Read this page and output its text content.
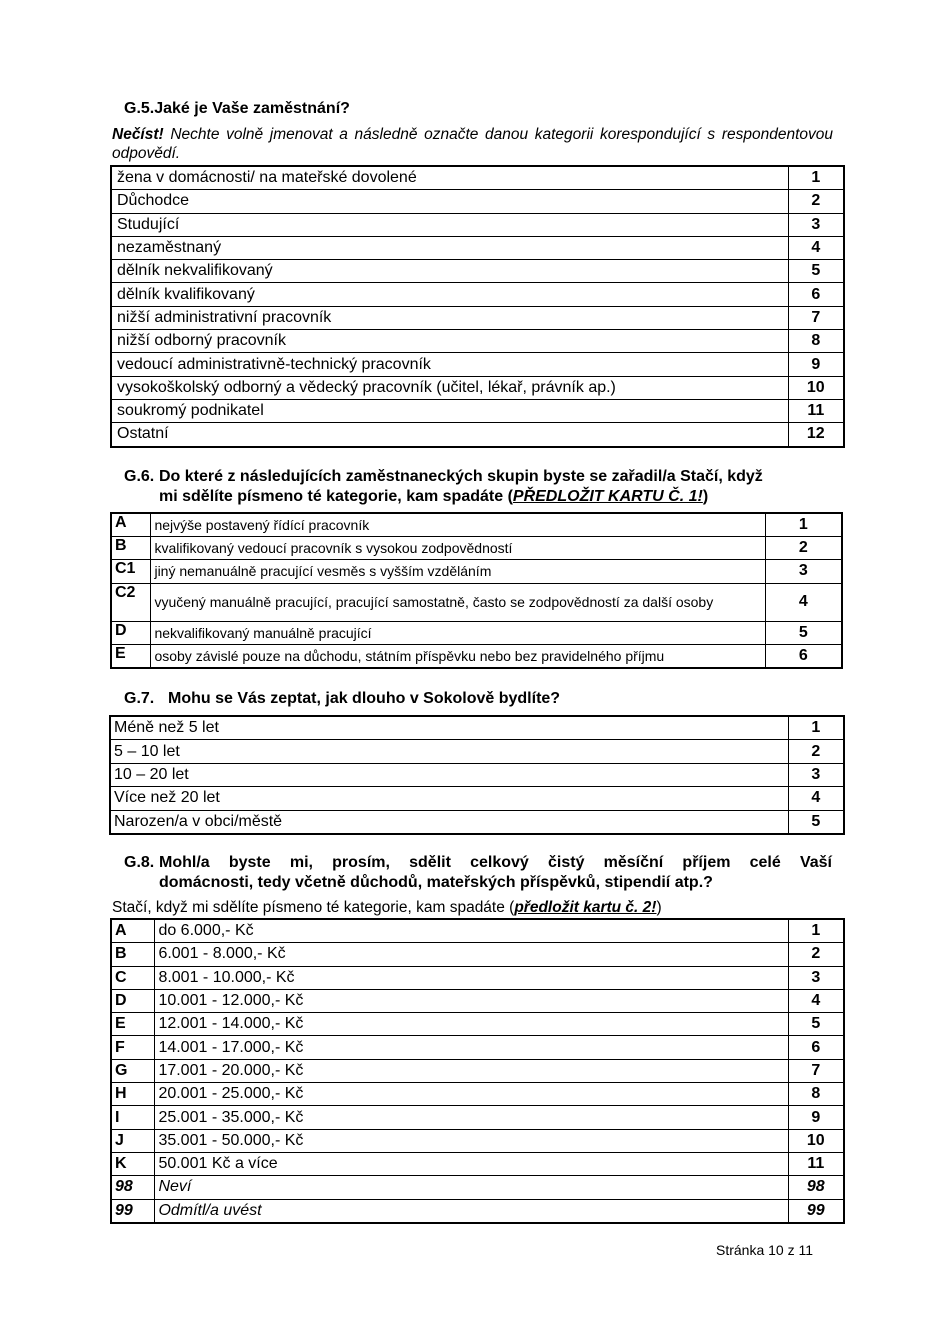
G.5.Jaké je Vaše zaměstnání?
Nečíst! Nechte volně jmenovat a následně označte danou kategorii korespondující s respondentovou odpovědí.
žena v domácnosti/ na mateřské dovolené	1
Důchodce	2
Studující	3
nezaměstnaný	4
dělník nekvalifikovaný	5
dělník kvalifikovaný	6
nižší administrativní pracovník	7
nižší odborný pracovník	8
vedoucí administrativně-technický pracovník	9
vysokoškolský odborný a vědecký pracovník (učitel, lékař, právník ap.)	10
soukromý podnikatel	11
Ostatní	12
G.6. Do které z následujících zaměstnaneckých skupin byste se zařadil/a Stačí, když
mi sdělíte písmeno té kategorie, kam spadáte (PŘEDLOŽIT KARTU Č. 1!)
A	nejvýše postavený řídící pracovník	1
B	kvalifikovaný vedoucí pracovník s vysokou zodpovědností	2
C1	jiný nemanuálně pracující vesměs s vyšším vzděláním	3
C2	vyučený manuálně pracující, pracující samostatně, často se zodpovědností za další osoby	4
D	nekvalifikovaný manuálně pracující	5
E	osoby závislé pouze na důchodu, státním příspěvku nebo bez pravidelného příjmu	6
G.7. Mohu se Vás zeptat, jak dlouho v Sokolově bydlíte?
Méně než 5 let	1
5 – 10 let	2
10 – 20 let	3
Více než 20 let	4
Narozen/a v obci/městě	5
G.8. Mohl/a byste mi, prosím, sdělit celkový čistý měsíční příjem celé Vaší
domácnosti, tedy včetně důchodů, mateřských příspěvků, stipendií atp.?
Stačí, když mi sdělíte písmeno té kategorie, kam spadáte (předložit kartu č. 2!)
A	do 6.000,- Kč	1
B	6.001 - 8.000,- Kč	2
C	8.001 - 10.000,- Kč	3
D	10.001 - 12.000,- Kč	4
E	12.001 - 14.000,- Kč	5
F	14.001 - 17.000,- Kč	6
G	17.001 - 20.000,- Kč	7
H	20.001 - 25.000,- Kč	8
I	25.001 - 35.000,- Kč	9
J	35.001 - 50.000,- Kč	10
K	50.001 Kč a více	11
98	Neví	98
99	Odmítl/a uvést	99
Stránka 10 z 11
